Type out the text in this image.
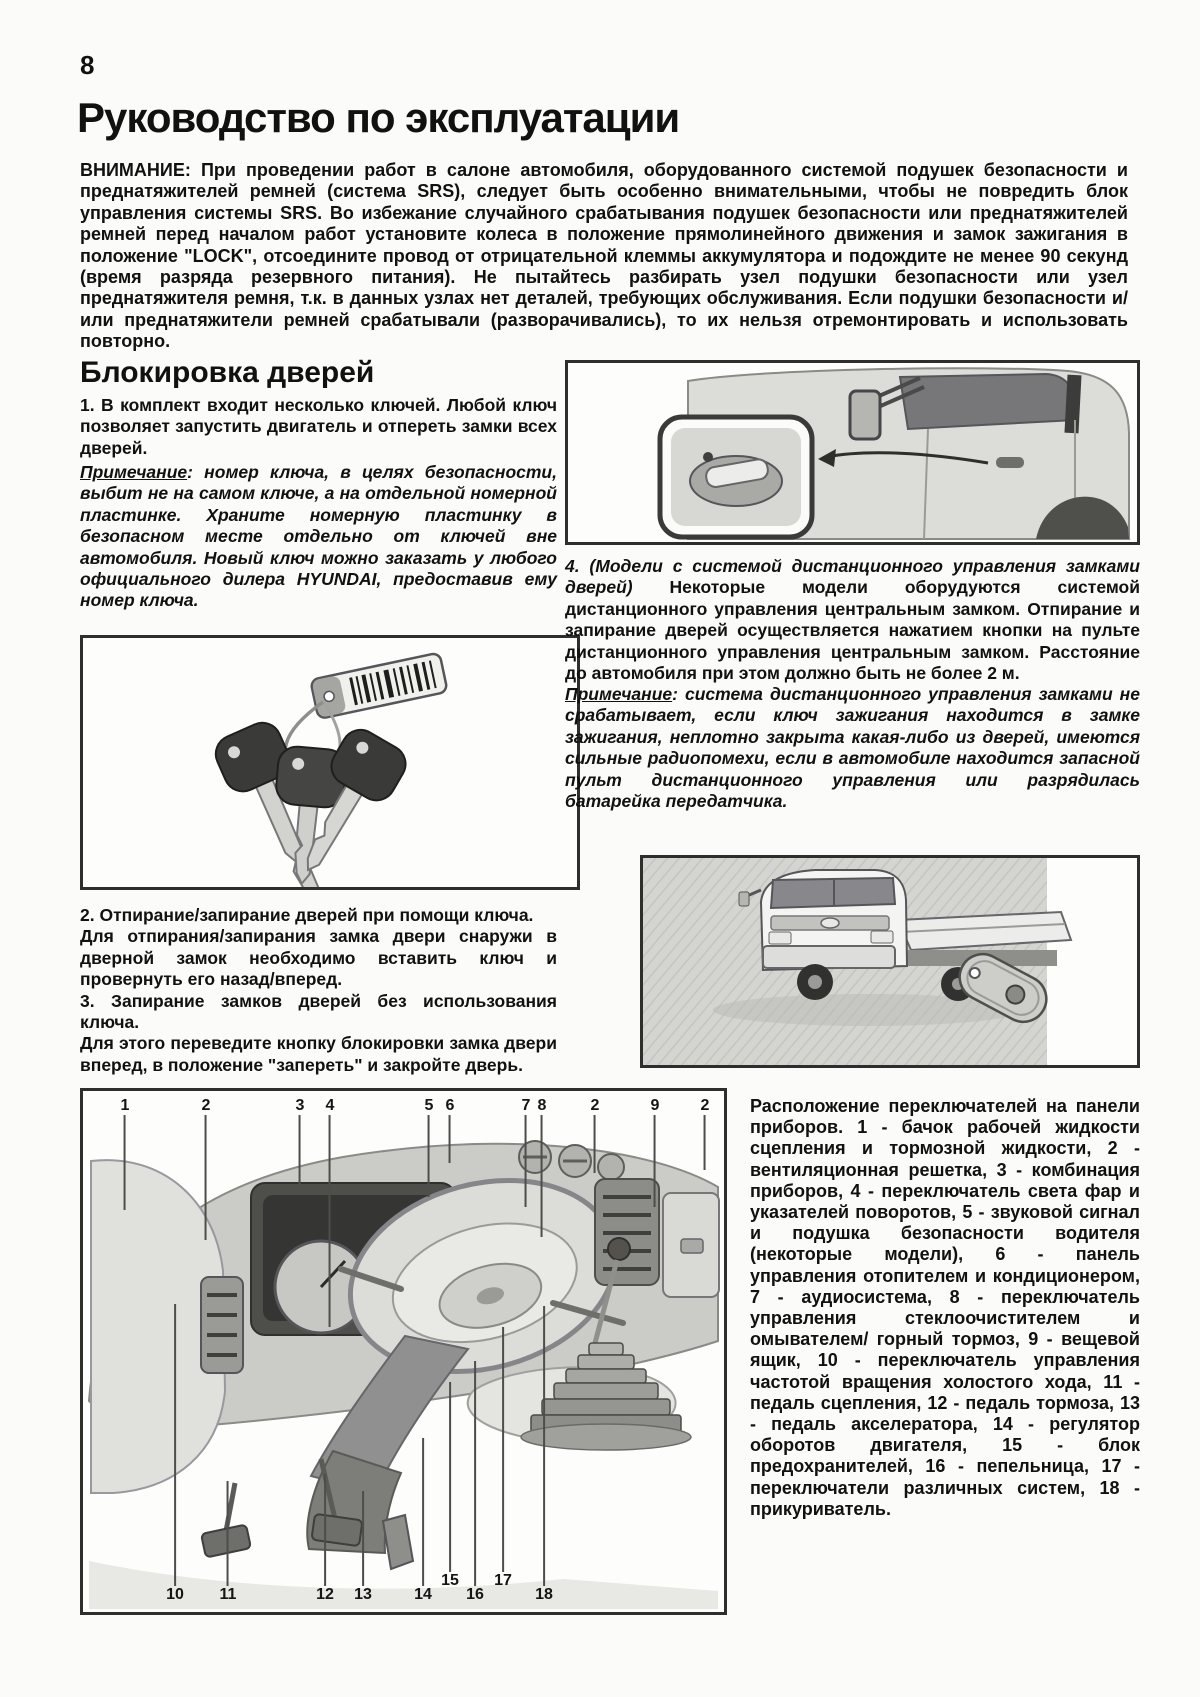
8
Руководство по эксплуатации

ВНИМАНИЕ: При проведении работ в салоне автомобиля, оборудованного системой подушек безопасности и преднатяжителей ремней (система SRS), следует быть особенно внимательными, чтобы не повредить блок управления системы SRS. Во избежание случайного срабатывания подушек безопасности или преднатяжителей ремней перед началом работ установите колеса в положение прямолинейного движения и замок зажигания в положение "LOCK", отсоедините провод от отрицательной клеммы аккумулятора и подождите не менее 90 секунд (время разряда резервного питания). Не пытайтесь разбирать узел подушки безопасности или узел преднатяжителя ремня, т.к. в данных узлах нет деталей, требующих обслуживания. Если подушки безопасности и/или преднатяжители ремней срабатывали (разворачивались), то их нельзя отремонтировать и использовать повторно.

Блокировка дверей

1. В комплект входит несколько ключей. Любой ключ позволяет запустить двигатель и отпереть замки всех дверей.

Примечание: номер ключа, в целях безопасности, выбит не на самом ключе, а на отдельной номерной пластинке. Храните номерную пластинку в безопасном месте отдельно от ключей вне автомобиля. Новый ключ можно заказать у любого официального дилера HYUNDAI, предоставив ему номер ключа.

2. Отпирание/запирание дверей при помощи ключа.

Для отпирания/запирания замка двери снаружи в дверной замок необходимо вставить ключ и провернуть его назад/вперед.

3. Запирание замков дверей без использования ключа.

Для этого переведите кнопку блокировки замка двери вперед, в положение "запереть" и закройте дверь.

4. (Модели с системой дистанционного управления замками дверей) Некоторые модели оборудуются системой дистанционного управления центральным замком. Отпирание и запирание дверей осуществляется нажатием кнопки на пульте дистанционного управления центральным замком. Расстояние до автомобиля при этом должно быть не более 2 м.

Примечание: система дистанционного управления замками не срабатывает, если ключ зажигания находится в замке зажигания, неплотно закрыта какая-либо из дверей, имеются сильные радиопомехи, если в автомобиле находится запасной пульт дистанционного управления или разрядилась батарейка передатчика.

1	2	3 4	5 6	7 8	2	9	2
10 11	12 13	14
15
16
17
18

Расположение переключателей на панели приборов. 1 - бачок рабочей жидкости сцепления и тормозной жидкости, 2 - вентиляционная решетка, 3 - комбинация приборов, 4 - переключатель света фар и указателей поворотов, 5 - звуковой сигнал и подушка безопасности водителя (некоторые модели), 6 - панель управления отопителем и кондиционером, 7 - аудиосистема, 8 - переключатель управления стеклоочистителем и омывателем/ горный тормоз, 9 - вещевой ящик, 10 - переключатель управления частотой вращения холостого хода, 11 - педаль сцепления, 12 - педаль тормоза, 13 - педаль акселератора, 14 - регулятор оборотов двигателя, 15 - блок предохранителей, 16 - пепельница, 17 - переключатели различных систем, 18 - прикуриватель.
